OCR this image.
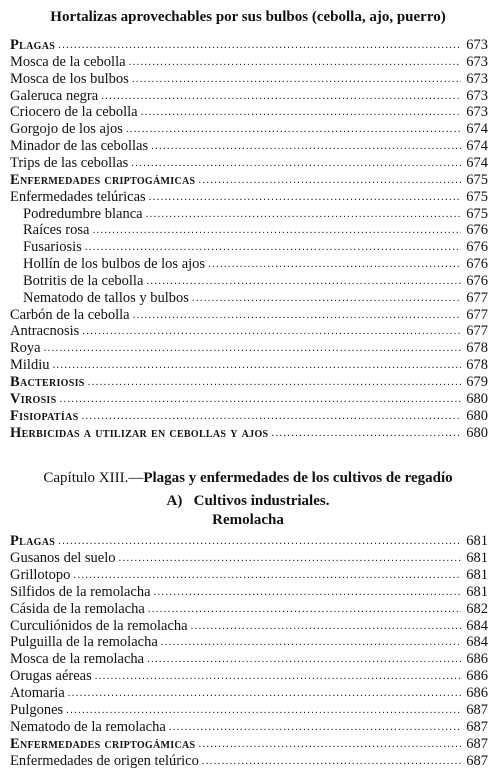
Hortalizas aprovechables por sus bulbos (cebolla, ajo, puerro)
Plagas .....	673
Mosca de la cebolla .....	673
Mosca de los bulbos .....	673
Galeruca negra .....	673
Criocero de la cebolla .....	673
Gorgojo de los ajos .....	674
Minador de las cebollas .....	674
Trips de las cebollas .....	674
Enfermedades criptogámicas .....	675
Enfermedades telúricas .....	675
Podredumbre blanca .....	675
Raíces rosa .....	676
Fusariosis .....	676
Hollín de los bulbos de los ajos .....	676
Botritis de la cebolla .....	676
Nematodo de tallos y bulbos .....	677
Carbón de la cebolla .....	677
Antracnosis .....	677
Roya .....	678
Mildiu .....	678
Bacteriosis .....	679
Virosis .....	680
Fisiopatías .....	680
Herbicidas a utilizar en cebollas y ajos .....	680
Capítulo XIII.—Plagas y enfermedades de los cultivos de regadío
A)   Cultivos industriales.
Remolacha
Plagas .....	681
Gusanos del suelo .....	681
Grillotopo .....	681
Silfidos de la remolacha .....	681
Cásida de la remolacha .....	682
Curculiónidos de la remolacha .....	684
Pulguilla de la remolacha .....	684
Mosca de la remolacha .....	686
Orugas aéreas .....	686
Atomaria .....	686
Pulgones .....	687
Nematodo de la remolacha .....	687
Enfermedades criptogámicas .....	687
Enfermedades de origen telúrico .....	687
